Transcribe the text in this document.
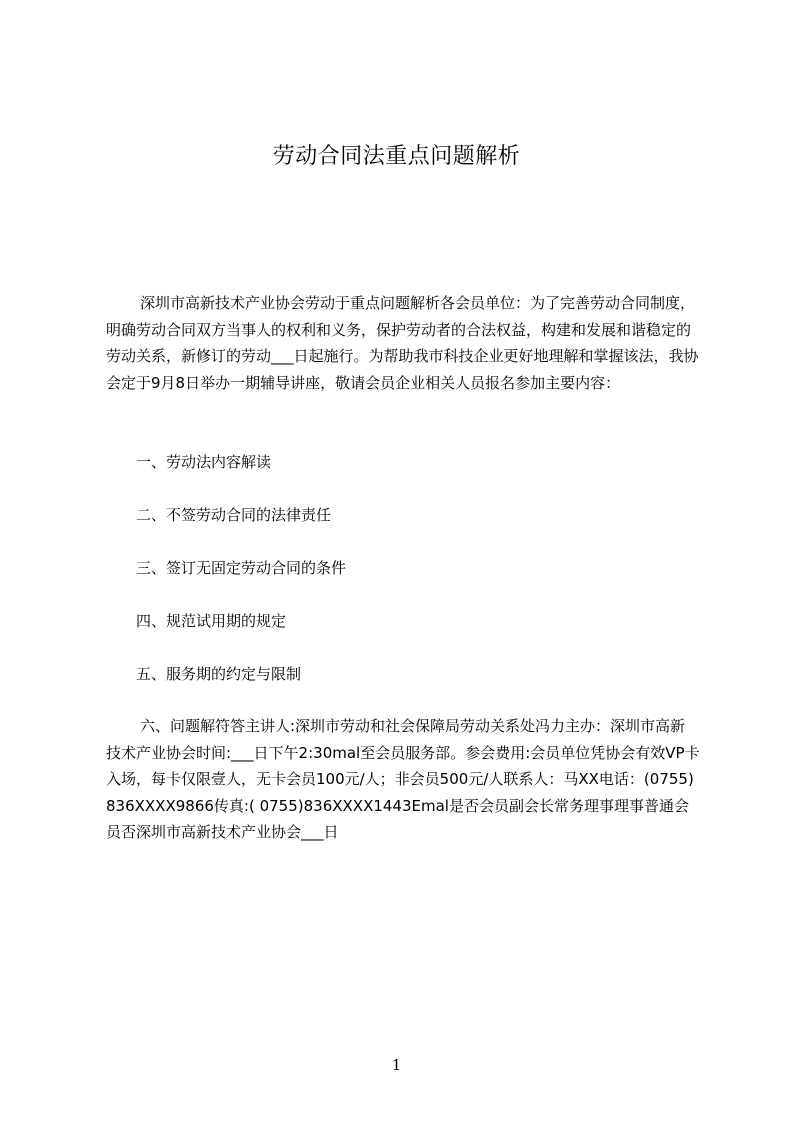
劳动合同法重点问题解析

深圳市高新技术产业协会劳动于重点问题解析各会员单位：为了完善劳动合同制度，明确劳动合同双方当事人的权利和义务，保护劳动者的合法权益，构建和发展和谐稳定的劳动关系，新修订的劳动___日起施行。为帮助我市科技企业更好地理解和掌握该法，我协会定于9月8日举办一期辅导讲座，敬请会员企业相关人员报名参加主要内容：

一、劳动法内容解读
二、不签劳动合同的法律责任
三、签订无固定劳动合同的条件
四、规范试用期的规定
五、服务期的约定与限制

六、问题解符答主讲人:深圳市劳动和社会保障局劳动关系处冯力主办：深圳市高新技术产业协会时间:___日下午2:30mal至会员服务部。参会费用:会员单位凭协会有效VP卡入场，每卡仅限壹人，无卡会员100元/人；非会员500元/人联系人：马XX电话：(0755)836XXXX9866传真:( 0755)836XXXX1443Emal是否会员副会长常务理事理事普通会员否深圳市高新技术产业协会___日

1
